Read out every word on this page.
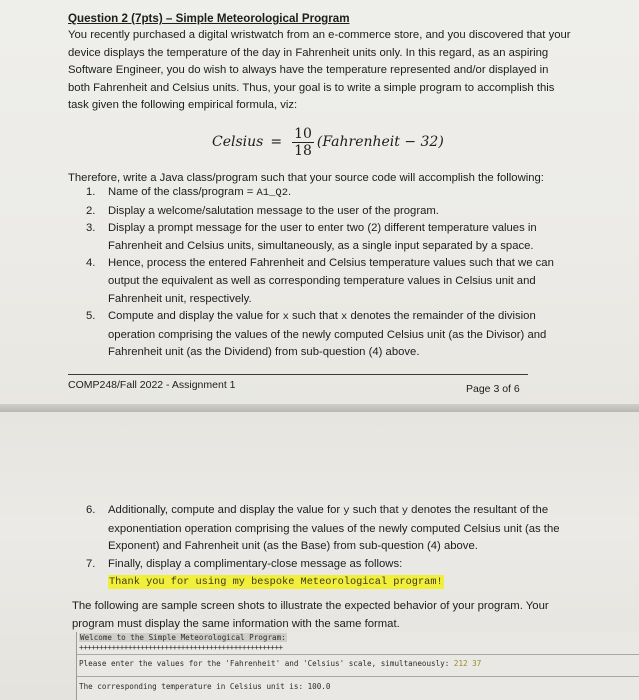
Question 2 (7pts) – Simple Meteorological Program
You recently purchased a digital wristwatch from an e-commerce store, and you discovered that your device displays the temperature of the day in Fahrenheit units only. In this regard, as an aspiring Software Engineer, you do wish to always have the temperature represented and/or displayed in both Fahrenheit and Celsius units. Thus, your goal is to write a simple program to accomplish this task given the following empirical formula, viz:
Celsius = $\frac{10}{18}$ (Fahrenheit − 32)
Therefore, write a Java class/program such that your source code will accomplish the following:
1. Name of the class/program = A1_Q2.
2. Display a welcome/salutation message to the user of the program.
3. Display a prompt message for the user to enter two (2) different temperature values in Fahrenheit and Celsius units, simultaneously, as a single input separated by a space.
4. Hence, process the entered Fahrenheit and Celsius temperature values such that we can output the equivalent as well as corresponding temperature values in Celsius unit and Fahrenheit unit, respectively.
5. Compute and display the value for x such that x denotes the remainder of the division operation comprising the values of the newly computed Celsius unit (as the Divisor) and Fahrenheit unit (as the Dividend) from sub-question (4) above.
COMP248/Fall 2022 - Assignment 1	Page 3 of 6
6. Additionally, compute and display the value for y such that y denotes the resultant of the exponentiation operation comprising the values of the newly computed Celsius unit (as the Exponent) and Fahrenheit unit (as the Base) from sub-question (4) above.
7. Finally, display a complimentary-close message as follows:
Thank you for using my bespoke Meteorological program!
The following are sample screen shots to illustrate the expected behavior of your program. Your program must display the same information with the same format.
Welcome to the Simple Meteorological Program:
++++++++++++++++++++++++++++++++++++++++++++++++++
Please enter the values for the 'Fahrenheit' and 'Celsius' scale, simultaneously: 212 37
The corresponding temperature in Celsius unit is: 100.0
